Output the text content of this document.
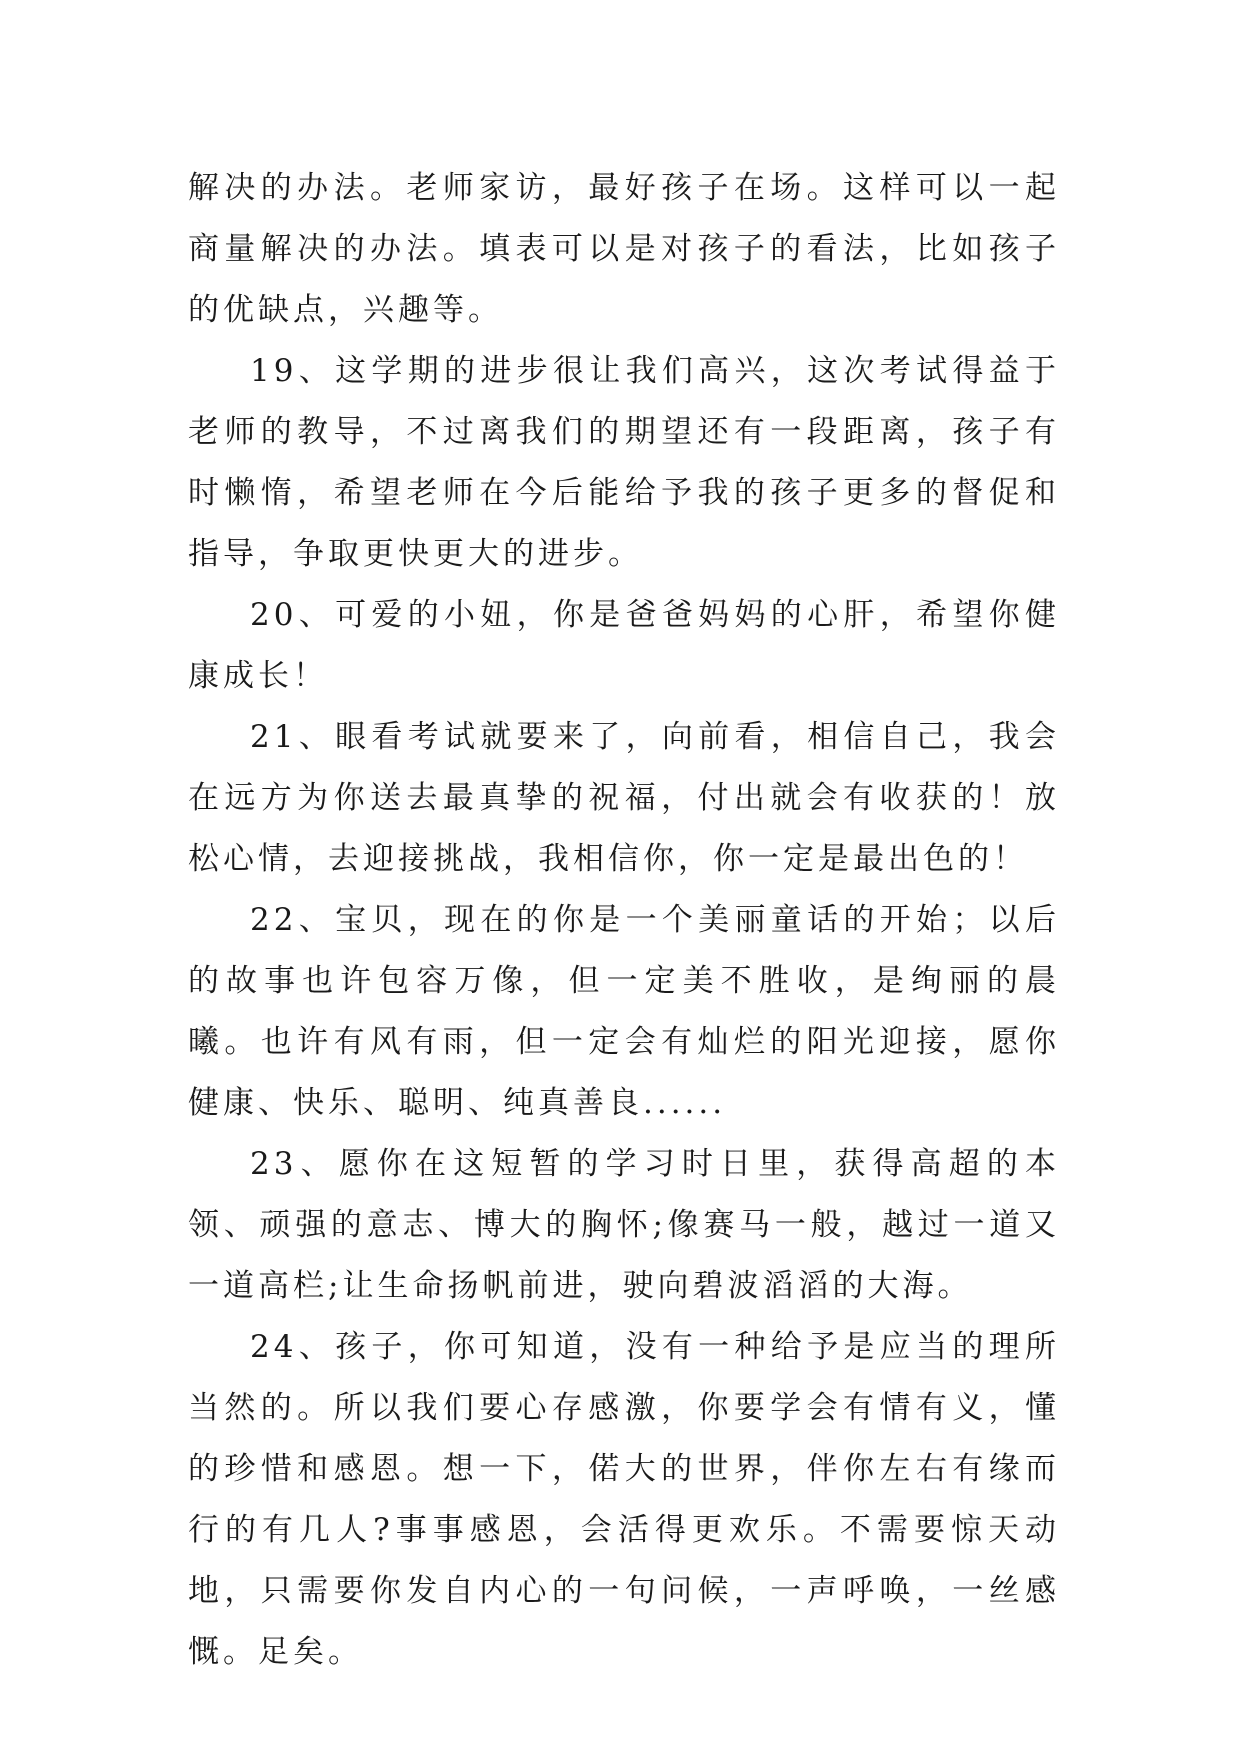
解决的办法。老师家访，最好孩子在场。这样可以一起商量解决的办法。填表可以是对孩子的看法，比如孩子的优缺点，兴趣等。

19、这学期的进步很让我们高兴，这次考试得益于老师的教导，不过离我们的期望还有一段距离，孩子有时懒惰，希望老师在今后能给予我的孩子更多的督促和指导，争取更快更大的进步。

20、可爱的小妞，你是爸爸妈妈的心肝，希望你健康成长！

21、眼看考试就要来了，向前看，相信自己，我会在远方为你送去最真挚的祝福，付出就会有收获的！放松心情，去迎接挑战，我相信你，你一定是最出色的！

22、宝贝，现在的你是一个美丽童话的开始；以后的故事也许包容万像，但一定美不胜收，是绚丽的晨曦。也许有风有雨，但一定会有灿烂的阳光迎接，愿你健康、快乐、聪明、纯真善良......

23、愿你在这短暂的学习时日里，获得高超的本领、顽强的意志、博大的胸怀;像赛马一般，越过一道又一道高栏;让生命扬帆前进，驶向碧波滔滔的大海。

24、孩子，你可知道，没有一种给予是应当的理所当然的。所以我们要心存感激，你要学会有情有义，懂的珍惜和感恩。想一下，偌大的世界，伴你左右有缘而行的有几人?事事感恩，会活得更欢乐。不需要惊天动地，只需要你发自内心的一句问候，一声呼唤，一丝感慨。足矣。
